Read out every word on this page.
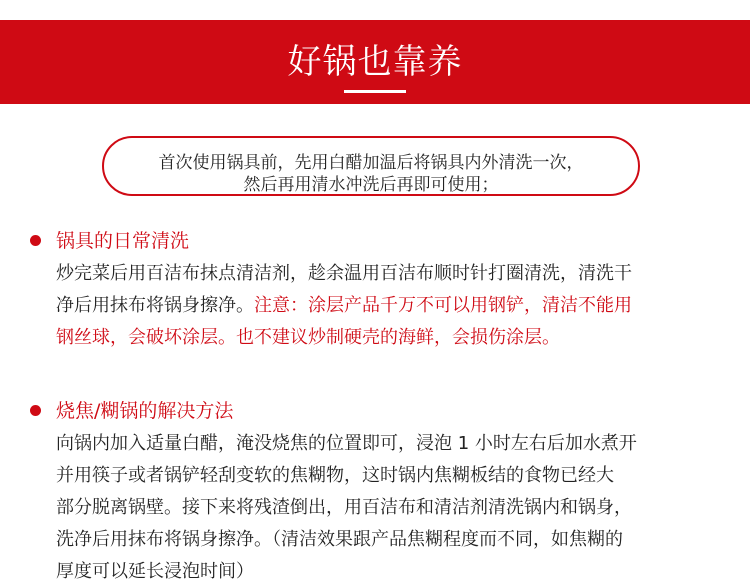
好锅也靠养
首次使用锅具前，先用白醋加温后将锅具内外清洗一次，
然后再用清水冲洗后再即可使用；
锅具的日常清洗
炒完菜后用百洁布抹点清洁剂，趁余温用百洁布顺时针打圈清洗，清洗干
净后用抹布将锅身擦净。注意：涂层产品千万不可以用钢铲，清洁不能用
钢丝球，会破坏涂层。也不建议炒制硬壳的海鲜，会损伤涂层。
烧焦/糊锅的解决方法
向锅内加入适量白醋，淹没烧焦的位置即可，浸泡 1 小时左右后加水煮开
并用筷子或者锅铲轻刮变软的焦糊物，这时锅内焦糊板结的食物已经大
部分脱离锅壁。接下来将残渣倒出，用百洁布和清洁剂清洗锅内和锅身，
洗净后用抹布将锅身擦净。（清洁效果跟产品焦糊程度而不同，如焦糊的
厚度可以延长浸泡时间）
